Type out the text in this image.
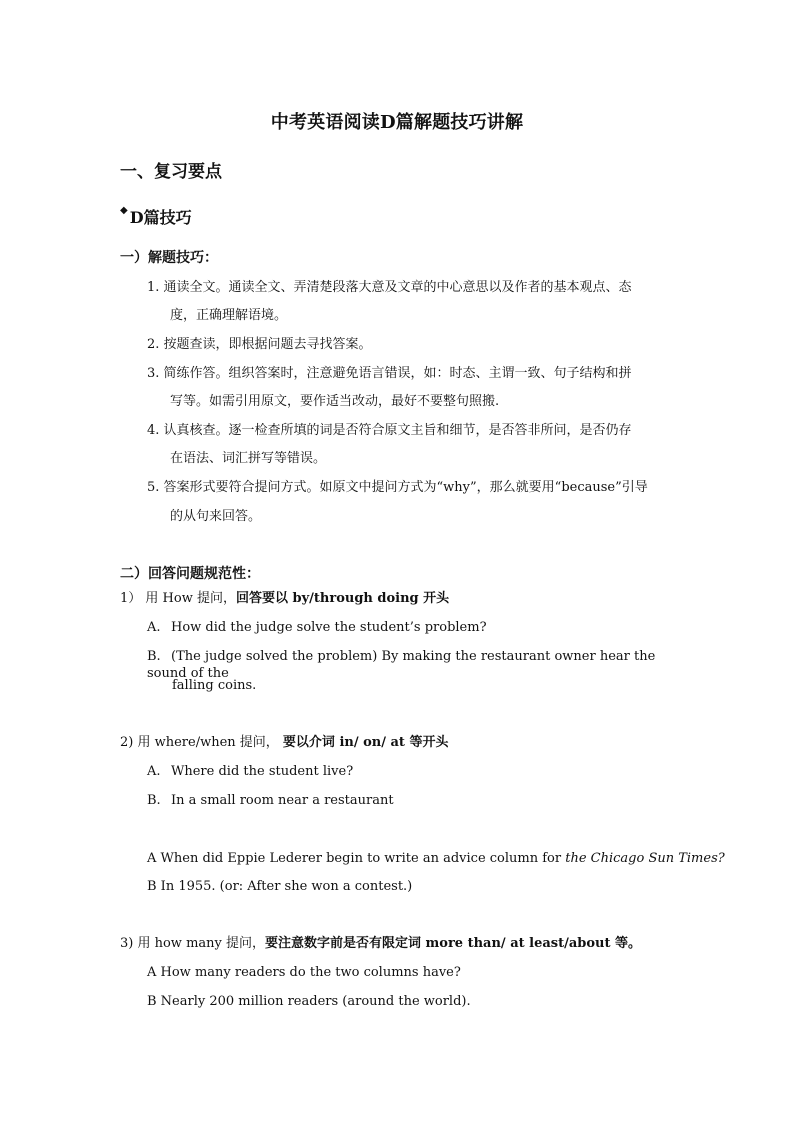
中考英语阅读D篇解题技巧讲解
一、复习要点
◆ D篇技巧
一）解题技巧：
1. 通读全文。通读全文、弄清楚段落大意及文章的中心意思以及作者的基本观点、态
度，正确理解语境。
2. 按题查读，即根据问题去寻找答案。
3. 简练作答。组织答案时，注意避免语言错误，如：时态、主谓一致、句子结构和拼
写等。如需引用原文，要作适当改动，最好不要整句照搬.
4. 认真核查。逐一检查所填的词是否符合原文主旨和细节，是否答非所问，是否仍存
在语法、词汇拼写等错误。
5. 答案形式要符合提问方式。如原文中提问方式为“why”，那么就要用“because”引导
的从句来回答。
二）回答问题规范性：
1） 用 How 提问，回答要以 by/through doing 开头
A. How did the judge solve the student’s problem?
B. (The judge solved the problem) By making the restaurant owner hear the sound of the
falling coins.
2) 用 where/when 提问， 要以介词 in/ on/ at 等开头
A. Where did the student live?
B. In a small room near a restaurant
A When did Eppie Lederer begin to write an advice column for the Chicago Sun Times?
B In 1955. (or: After she won a contest.)
3) 用 how many 提问，要注意数字前是否有限定词 more than/ at least/about 等。
A How many readers do the two columns have?
B Nearly 200 million readers (around the world).
